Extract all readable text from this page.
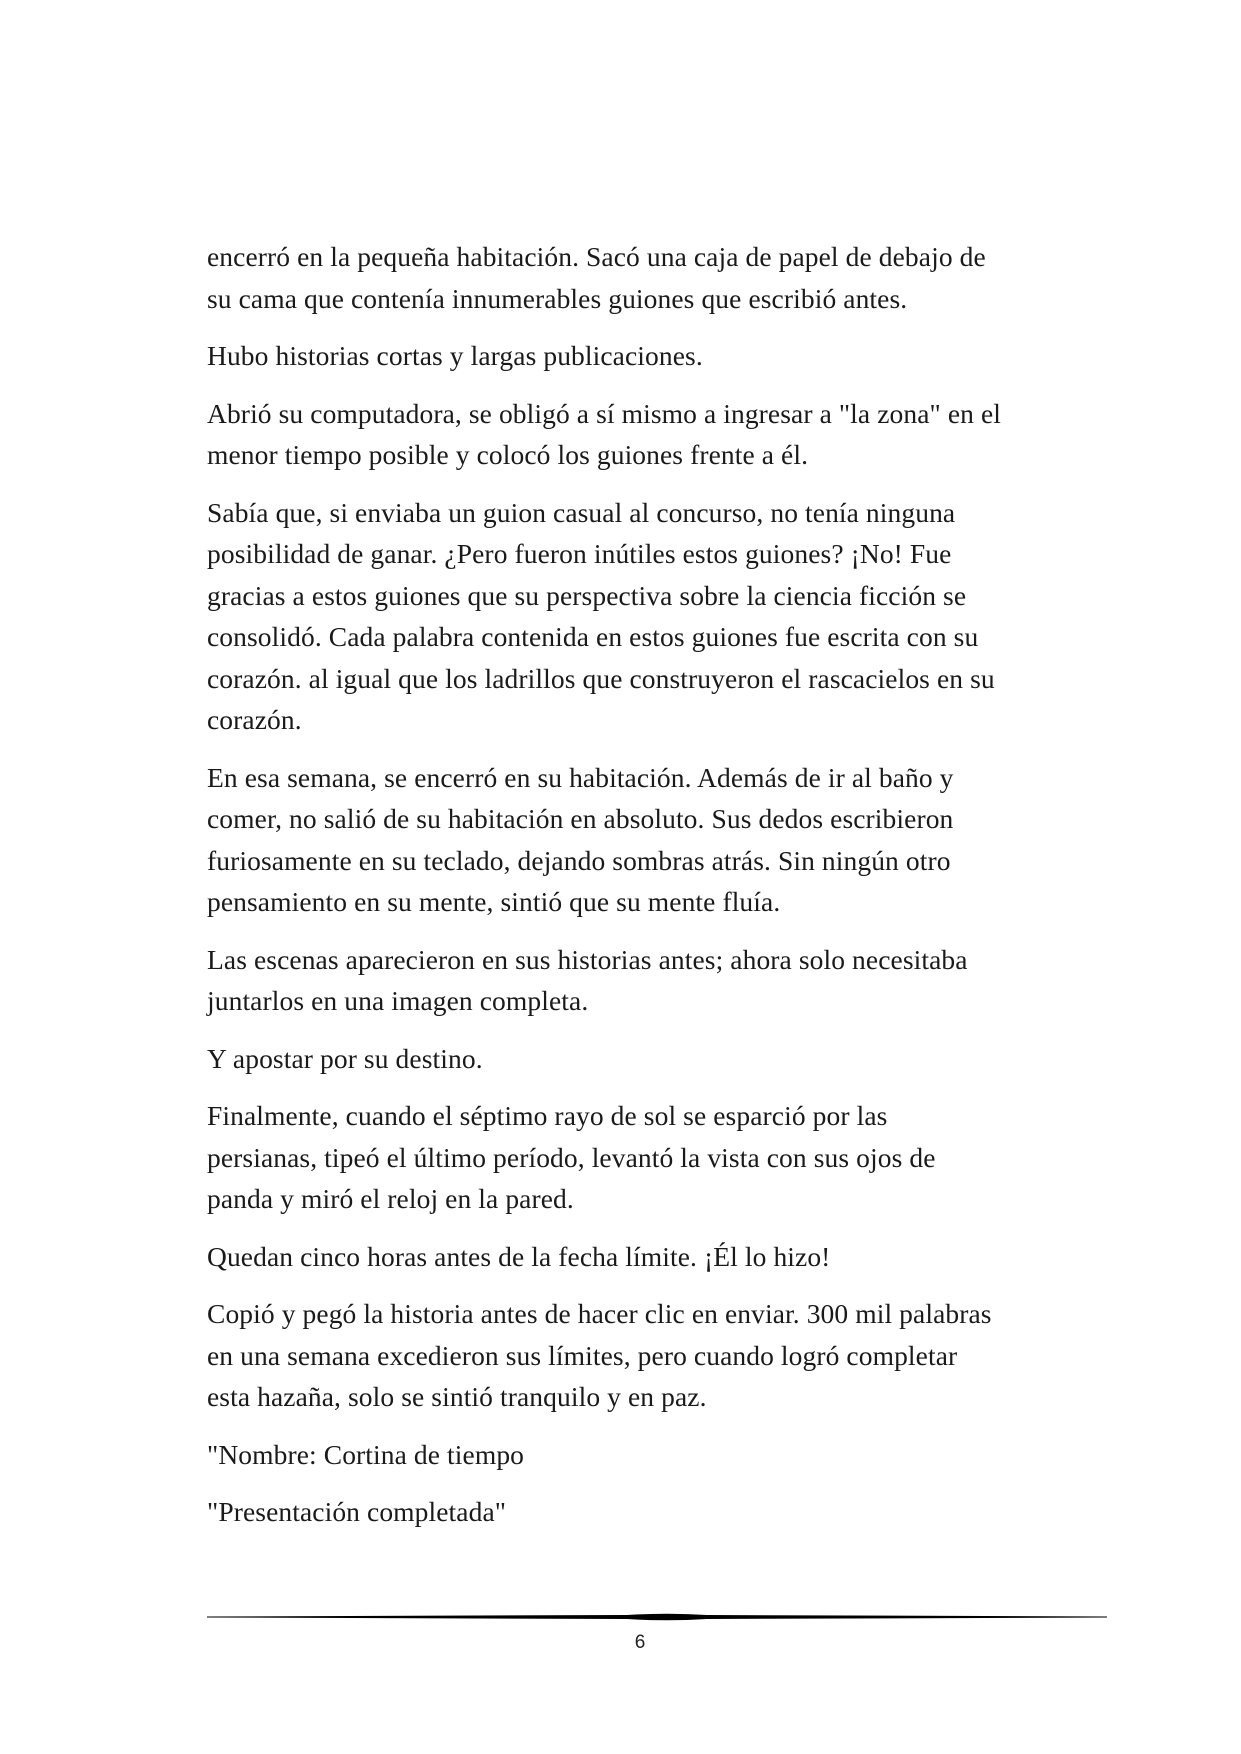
encerró en la pequeña habitación. Sacó una caja de papel de debajo de
su cama que contenía innumerables guiones que escribió antes.

Hubo historias cortas y largas publicaciones.

Abrió su computadora, se obligó a sí mismo a ingresar a "la zona" en el
menor tiempo posible y colocó los guiones frente a él.

Sabía que, si enviaba un guion casual al concurso, no tenía ninguna
posibilidad de ganar. ¿Pero fueron inútiles estos guiones? ¡No! Fue
gracias a estos guiones que su perspectiva sobre la ciencia ficción se
consolidó. Cada palabra contenida en estos guiones fue escrita con su
corazón. al igual que los ladrillos que construyeron el rascacielos en su
corazón.

En esa semana, se encerró en su habitación. Además de ir al baño y
comer, no salió de su habitación en absoluto. Sus dedos escribieron
furiosamente en su teclado, dejando sombras atrás. Sin ningún otro
pensamiento en su mente, sintió que su mente fluía.

Las escenas aparecieron en sus historias antes; ahora solo necesitaba
juntarlos en una imagen completa.

Y apostar por su destino.

Finalmente, cuando el séptimo rayo de sol se esparció por las
persianas, tipeó el último período, levantó la vista con sus ojos de
panda y miró el reloj en la pared.

Quedan cinco horas antes de la fecha límite. ¡Él lo hizo!

Copió y pegó la historia antes de hacer clic en enviar. 300 mil palabras
en una semana excedieron sus límites, pero cuando logró completar
esta hazaña, solo se sintió tranquilo y en paz.

"Nombre: Cortina de tiempo

"Presentación completada"

6
